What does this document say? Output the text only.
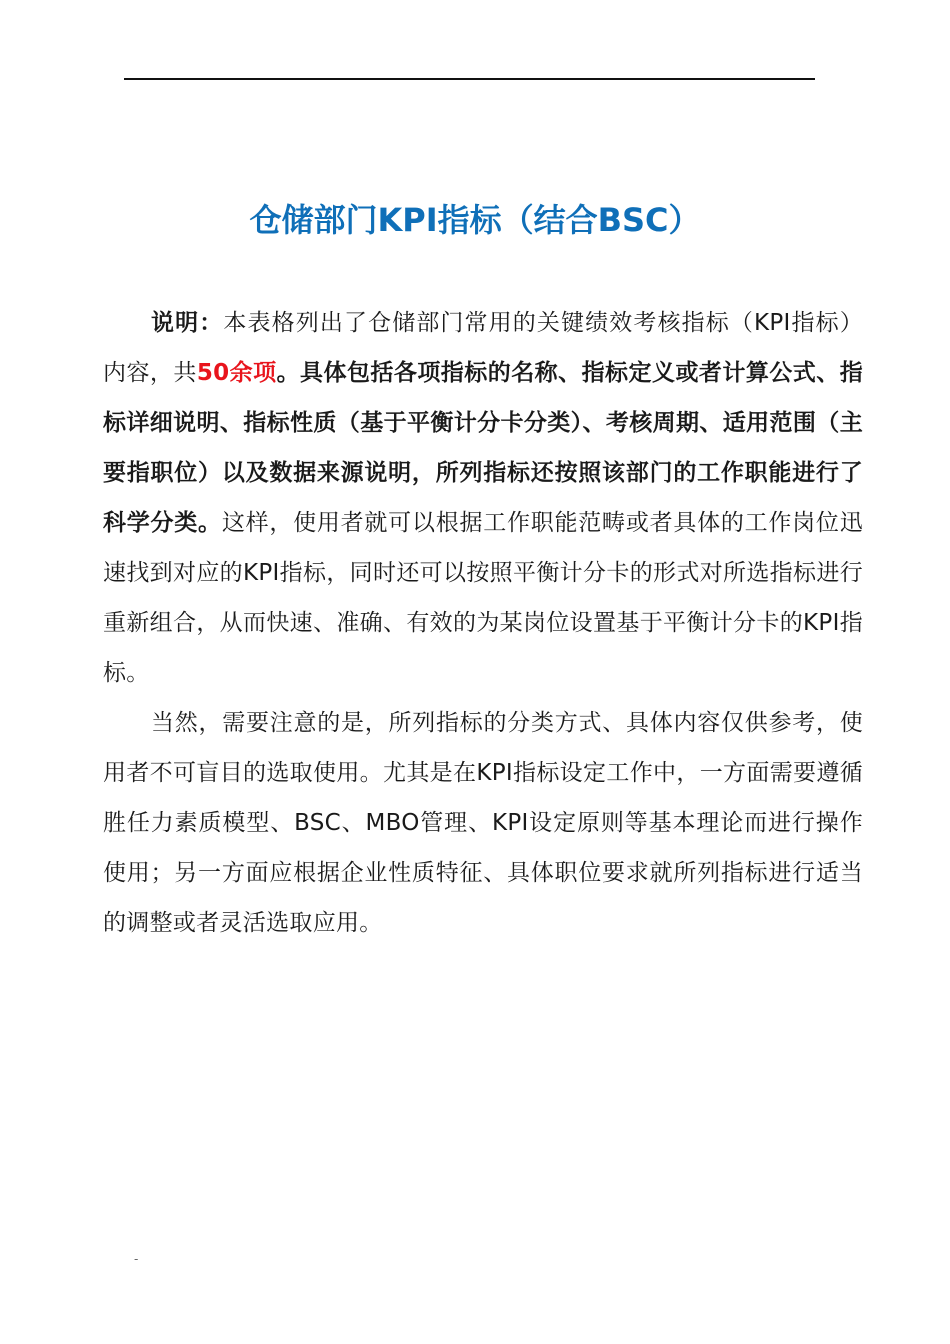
仓储部门KPI指标（结合BSC）

说明：本表格列出了仓储部门常用的关键绩效考核指标（KPI指标）内容，共50余项。具体包括各项指标的名称、指标定义或者计算公式、指标详细说明、指标性质（基于平衡计分卡分类）、考核周期、适用范围（主要指职位）以及数据来源说明，所列指标还按照该部门的工作职能进行了科学分类。这样，使用者就可以根据工作职能范畴或者具体的工作岗位迅速找到对应的KPI指标，同时还可以按照平衡计分卡的形式对所选指标进行重新组合，从而快速、准确、有效的为某岗位设置基于平衡计分卡的KPI指标。

当然，需要注意的是，所列指标的分类方式、具体内容仅供参考，使用者不可盲目的选取使用。尤其是在KPI指标设定工作中，一方面需要遵循胜任力素质模型、BSC、MBO管理、KPI设定原则等基本理论而进行操作使用；另一方面应根据企业性质特征、具体职位要求就所列指标进行适当的调整或者灵活选取应用。

-
